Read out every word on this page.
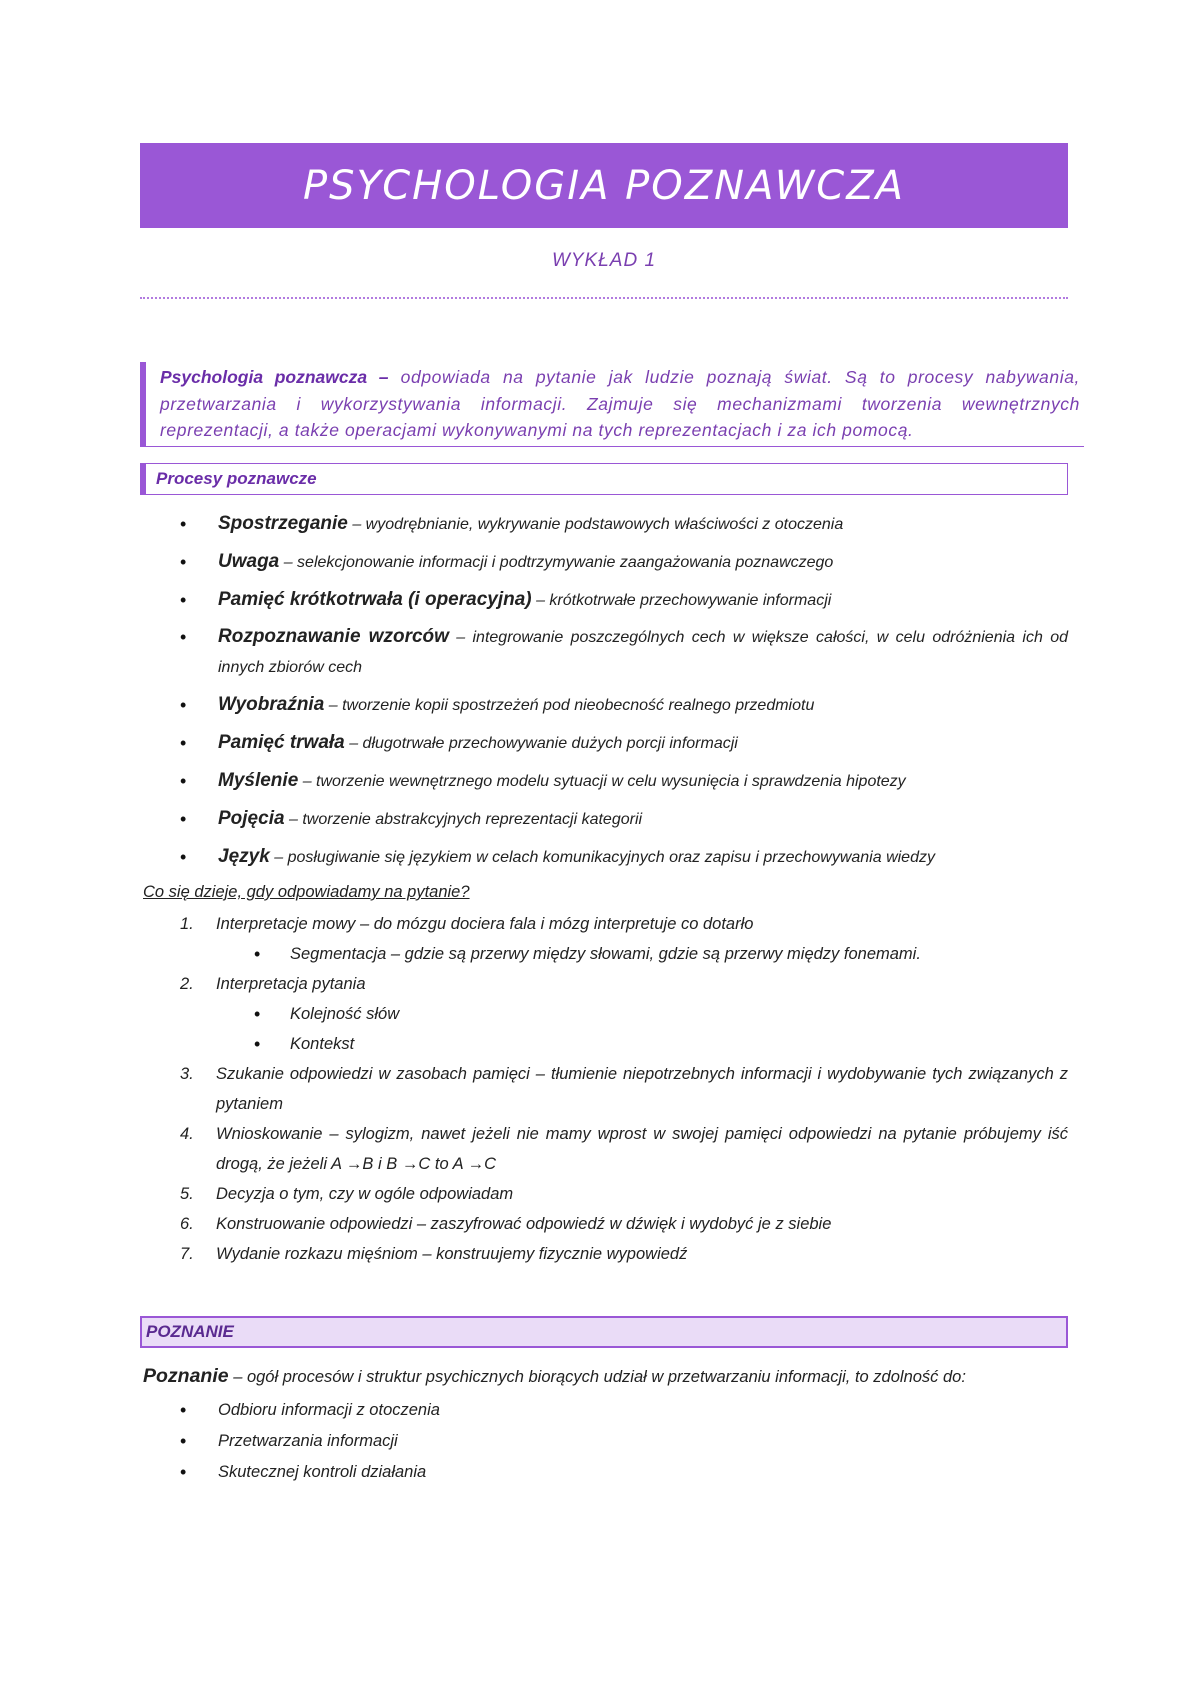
PSYCHOLOGIA POZNAWCZA
WYKŁAD 1
Psychologia poznawcza – odpowiada na pytanie jak ludzie poznają świat. Są to procesy nabywania, przetwarzania i wykorzystywania informacji. Zajmuje się mechanizmami tworzenia wewnętrznych reprezentacji, a także operacjami wykonywanymi na tych reprezentacjach i za ich pomocą.
Procesy poznawcze
• Spostrzeganie – wyodrębnianie, wykrywanie podstawowych właściwości z otoczenia
• Uwaga – selekcjonowanie informacji i podtrzymywanie zaangażowania poznawczego
• Pamięć krótkotrwała (i operacyjna) – krótkotrwałe przechowywanie informacji
• Rozpoznawanie wzorców – integrowanie poszczególnych cech w większe całości, w celu odróżnienia ich od innych zbiorów cech
• Wyobraźnia – tworzenie kopii spostrzeżeń pod nieobecność realnego przedmiotu
• Pamięć trwała – długotrwałe przechowywanie dużych porcji informacji
• Myślenie – tworzenie wewnętrznego modelu sytuacji w celu wysunięcia i sprawdzenia hipotezy
• Pojęcia – tworzenie abstrakcyjnych reprezentacji kategorii
• Język – posługiwanie się językiem w celach komunikacyjnych oraz zapisu i przechowywania wiedzy
Co się dzieje, gdy odpowiadamy na pytanie?
1. Interpretacje mowy – do mózgu dociera fala i mózg interpretuje co dotarło
• Segmentacja – gdzie są przerwy między słowami, gdzie są przerwy między fonemami.
2. Interpretacja pytania
• Kolejność słów
• Kontekst
3. Szukanie odpowiedzi w zasobach pamięci – tłumienie niepotrzebnych informacji i wydobywanie tych związanych z pytaniem
4. Wnioskowanie – sylogizm, nawet jeżeli nie mamy wprost w swojej pamięci odpowiedzi na pytanie próbujemy iść drogą, że jeżeli A →B i B →C to A →C
5. Decyzja o tym, czy w ogóle odpowiadam
6. Konstruowanie odpowiedzi – zaszyfrować odpowiedź w dźwięk i wydobyć je z siebie
7. Wydanie rozkazu mięśniom – konstruujemy fizycznie wypowiedź
POZNANIE
Poznanie – ogół procesów i struktur psychicznych biorących udział w przetwarzaniu informacji, to zdolność do:
• Odbioru informacji z otoczenia
• Przetwarzania informacji
• Skutecznej kontroli działania
